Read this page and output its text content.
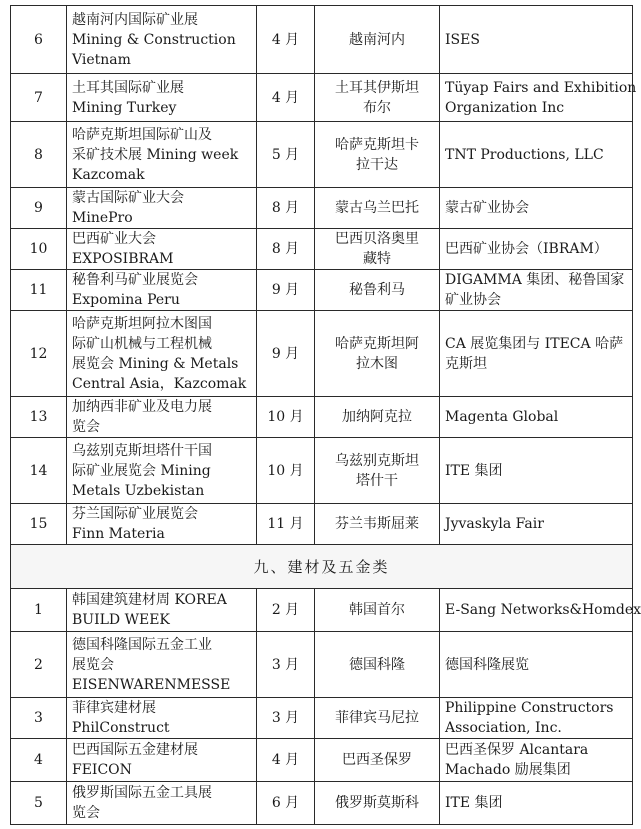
6	越南河内国际矿业展
Mining & Construction
Vietnam	4 月	越南河内	ISES

7	土耳其国际矿业展
Mining Turkey	4 月	土耳其伊斯坦
布尔	Tüyap Fairs and Exhibition
Organization Inc

8	哈萨克斯坦国际矿山及
采矿技术展 Mining week
Kazcomak	5 月	哈萨克斯坦卡
拉干达	TNT Productions, LLC

9	蒙古国际矿业大会
MinePro	8 月	蒙古乌兰巴托	蒙古矿业协会

10	巴西矿业大会
EXPOSIBRAM	8 月	巴西贝洛奥里
藏特	巴西矿业协会（IBRAM）

11	秘鲁利马矿业展览会
Expomina Peru	9 月	秘鲁利马	DIGAMMA 集团、秘鲁国家
矿业协会

12	哈萨克斯坦阿拉木图国
际矿山机械与工程机械
展览会 Mining & Metals
Central Asia，Kazcomak	9 月	哈萨克斯坦阿
拉木图	CA 展览集团与 ITECA 哈萨
克斯坦

13	加纳西非矿业及电力展
览会	10 月	加纳阿克拉	Magenta Global

14	乌兹别克斯坦塔什干国
际矿业展览会 Mining
Metals Uzbekistan	10 月	乌兹别克斯坦
塔什干	ITE 集团

15	芬兰国际矿业展览会
Finn Materia	11 月	芬兰韦斯屈莱	Jyvaskyla Fair

九、建材及五金类				

1	韩国建筑建材周 KOREA
BUILD WEEK	2 月	韩国首尔	E-Sang Networks&Homdex

2	德国科隆国际五金工业
展览会
EISENWARENMESSE	3 月	德国科隆	德国科隆展览

3	菲律宾建材展
PhilConstruct	3 月	菲律宾马尼拉	Philippine Constructors
Association, Inc.

4	巴西国际五金建材展
FEICON	4 月	巴西圣保罗	巴西圣保罗 Alcantara
Machado 励展集团

5	俄罗斯国际五金工具展
览会	6 月	俄罗斯莫斯科	ITE 集团
